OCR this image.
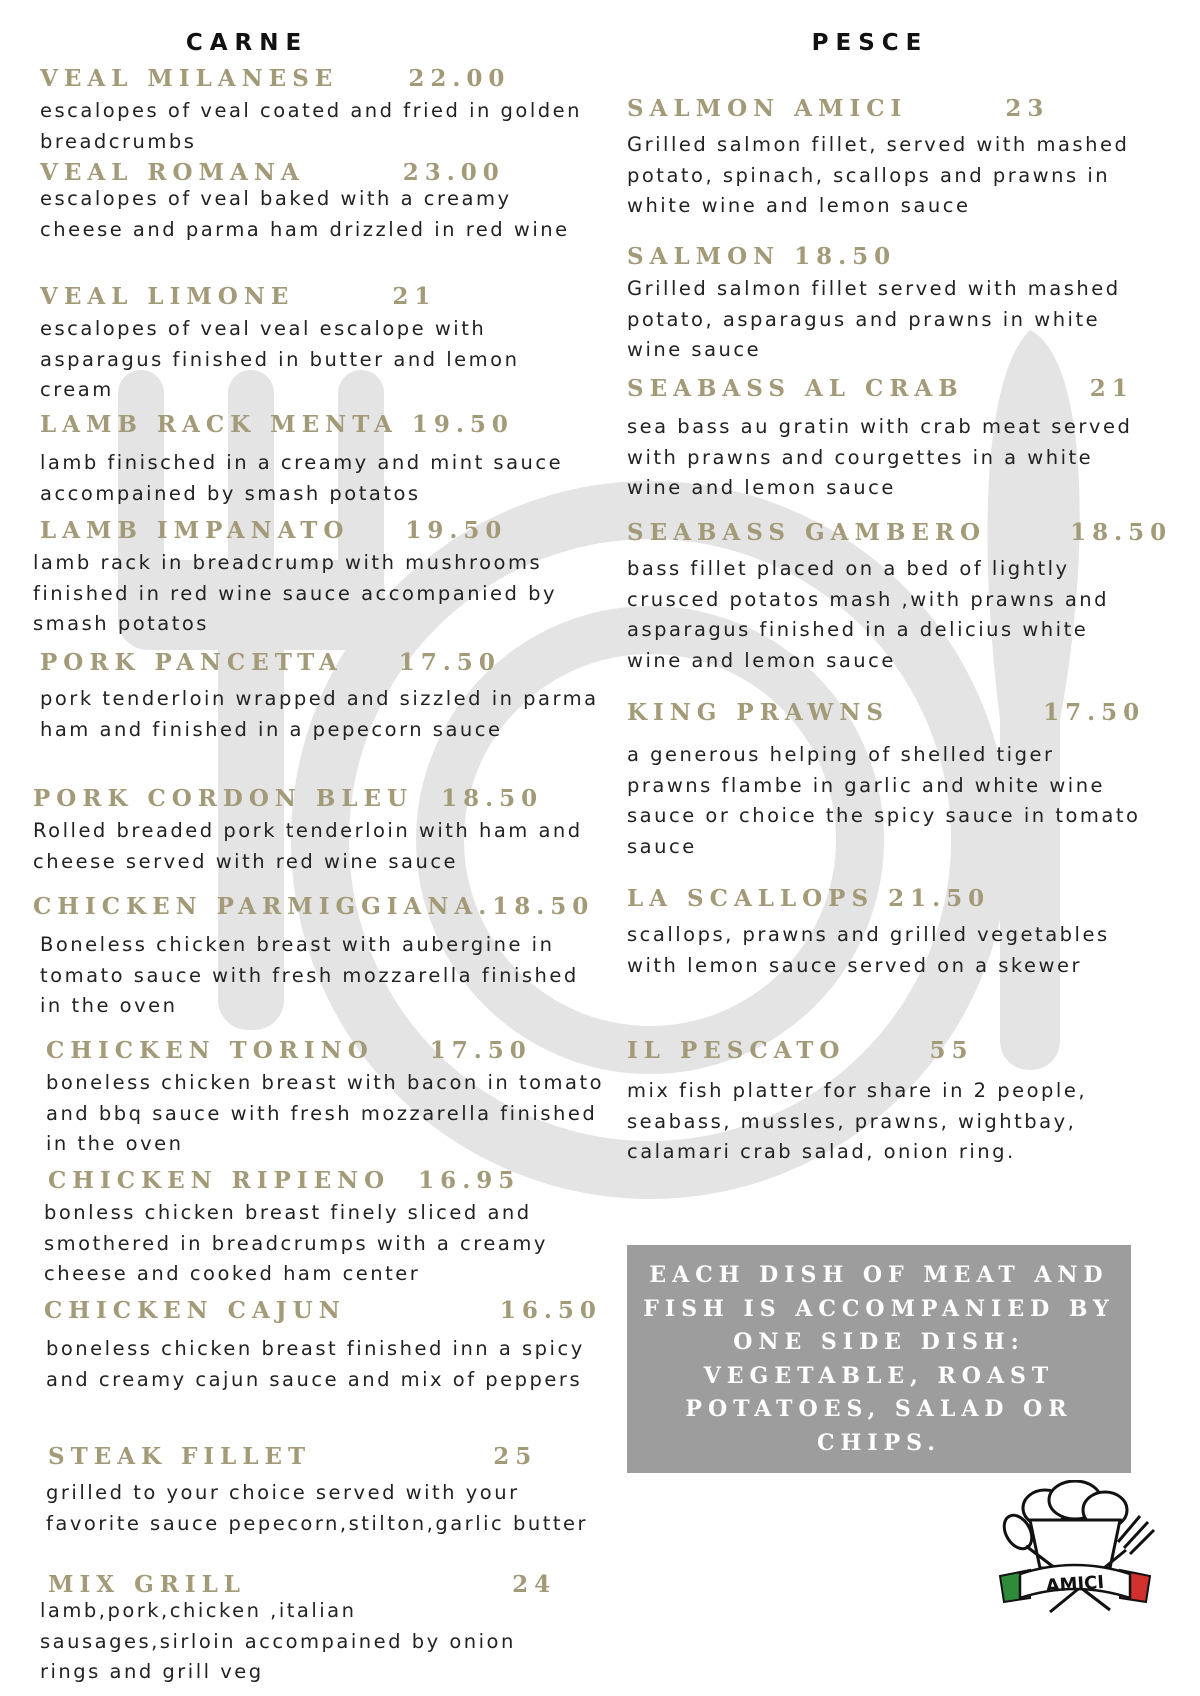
CARNE
VEAL MILANESE     22.00
escalopes of veal coated and fried in golden breadcrumbs
VEAL ROMANA       23.00
escalopes of veal baked with a creamy cheese and parma ham drizzled in red wine
VEAL LIMONE       21
escalopes of veal veal escalope with asparagus finished in butter and lemon cream
LAMB RACK MENTA 19.50
lamb finisched in a creamy and mint sauce accompained by smash potatos
LAMB IMPANATO    19.50
lamb rack in breadcrump with mushrooms finished in red wine sauce accompanied by smash potatos
PORK PANCETTA    17.50
pork tenderloin wrapped and sizzled in parma ham and finished in a pepecorn sauce
PORK CORDON BLEU  18.50
Rolled breaded pork tenderloin with ham and cheese served with red wine sauce
CHICKEN PARMIGGIANA.18.50
Boneless chicken breast with aubergine in tomato sauce with fresh mozzarella finished in the oven
CHICKEN TORINO    17.50
boneless chicken breast with bacon in tomato and bbq sauce with fresh mozzarella finished in the oven
CHICKEN RIPIENO  16.95
bonless chicken breast finely sliced and smothered in breadcrumps with a creamy cheese and cooked ham center
CHICKEN CAJUN           16.50
boneless chicken breast finished inn a spicy and creamy cajun sauce and mix of peppers
STEAK FILLET             25
grilled to your choice served with your favorite sauce pepecorn,stilton,garlic butter
MIX GRILL                   24
lamb,pork,chicken ,italian sausages,sirloin accompained by onion rings and grill veg
PESCE
SALMON AMICI       23
Grilled salmon fillet, served with mashed potato, spinach, scallops and prawns in white wine and lemon sauce
SALMON 18.50
Grilled salmon fillet served with mashed potato, asparagus and prawns in white wine sauce
SEABASS AL CRAB         21
sea bass au gratin with crab meat served with prawns and courgettes in a white wine and lemon sauce
SEABASS GAMBERO      18.50
bass fillet placed on a bed of lightly crusced potatos mash ,with prawns and asparagus finished in a delicius white wine and lemon sauce
KING PRAWNS           17.50
a generous helping of shelled tiger prawns flambe in garlic and white wine sauce or choice the spicy sauce in tomato sauce
LA SCALLOPS 21.50
scallops, prawns and grilled vegetables with lemon sauce served on a skewer
IL PESCATO      55
mix fish platter for share in 2 people, seabass, mussles, prawns, wightbay, calamari crab salad, onion ring.
EACH DISH OF MEAT AND FISH IS ACCOMPANIED BY ONE SIDE DISH: VEGETABLE, ROAST POTATOES, SALAD OR CHIPS.
AMICI
